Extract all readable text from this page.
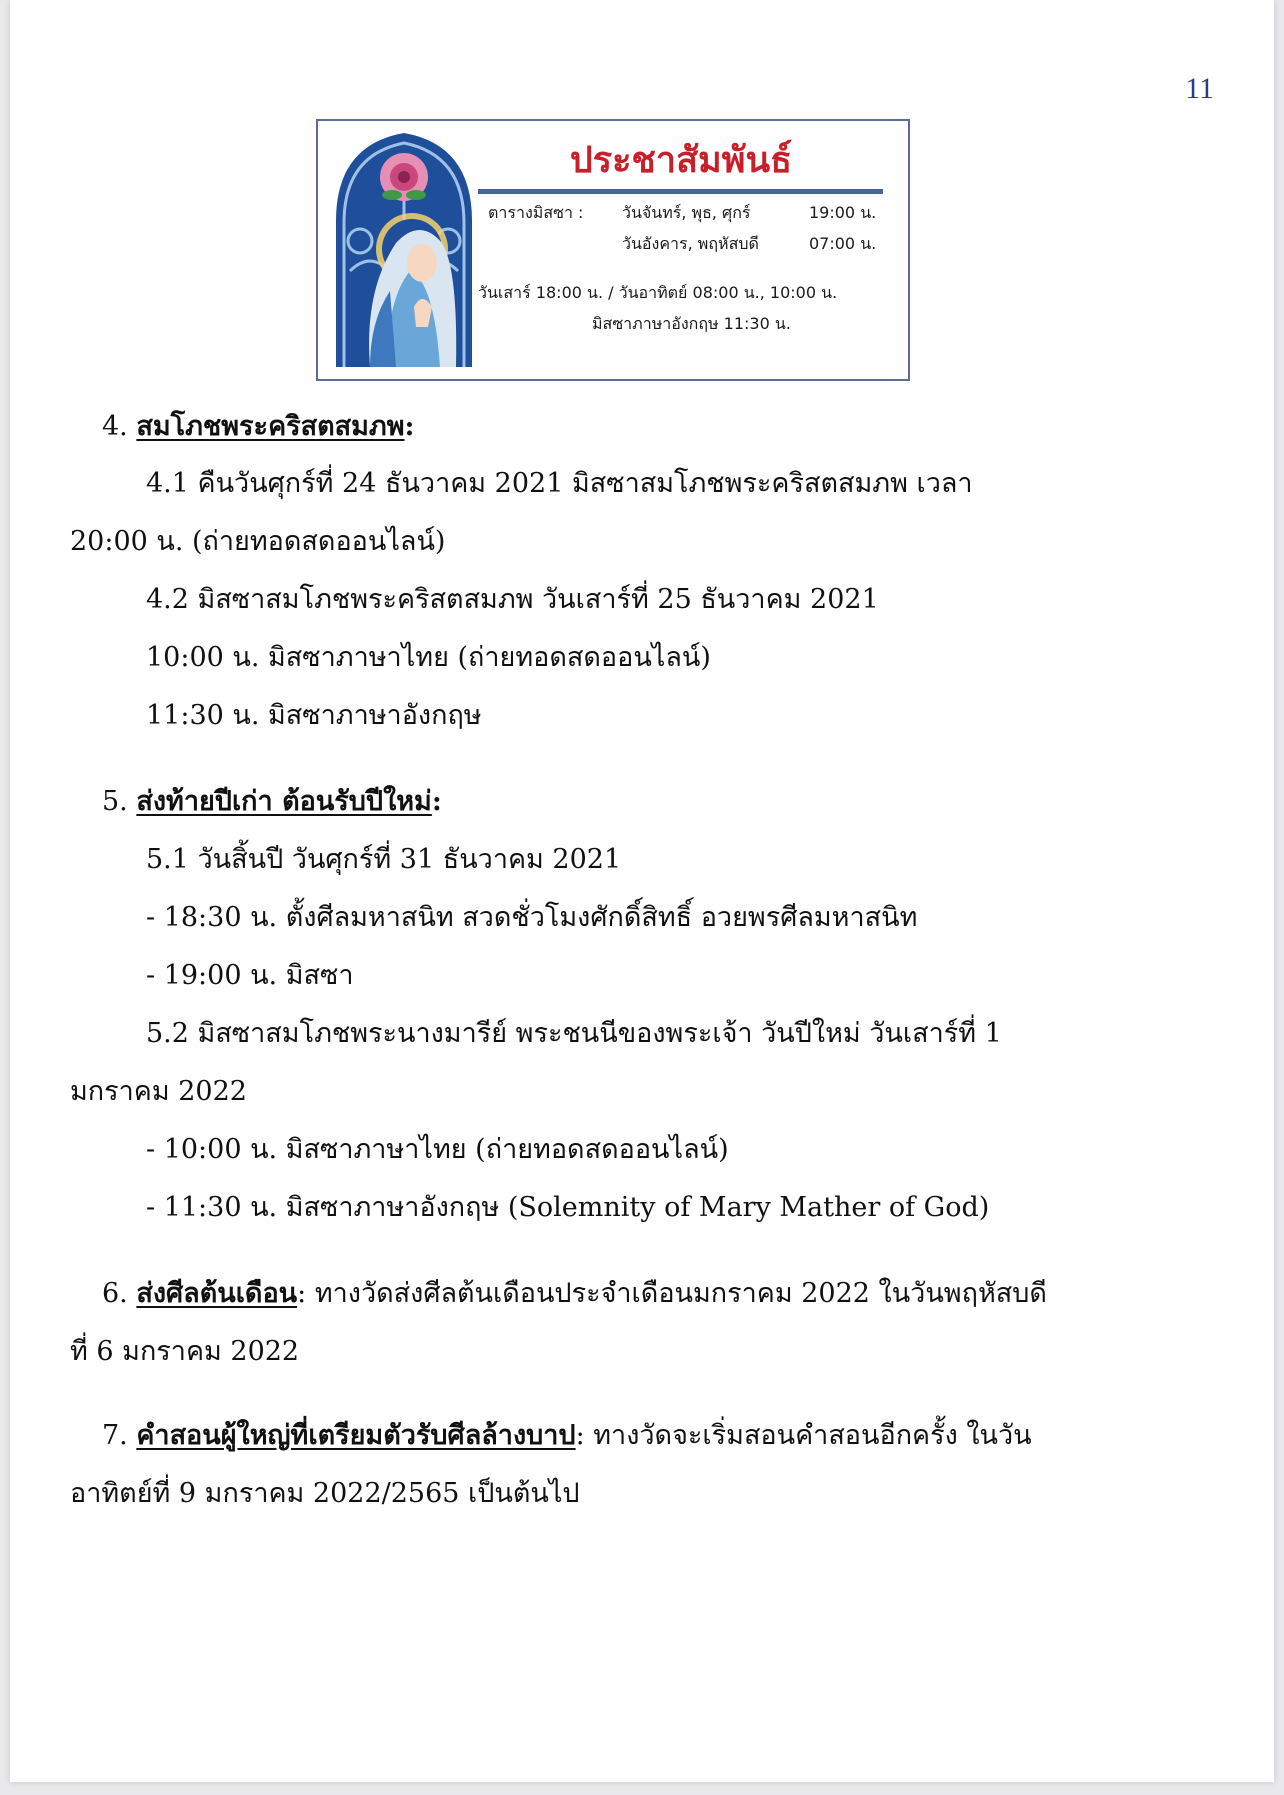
11
ประชาสัมพันธ์
ตารางมิสซา : วันจันทร์, พุธ, ศุกร์	19:00 น.
วันอังคาร, พฤหัสบดี	07:00 น.
วันเสาร์ 18:00 น. / วันอาทิตย์ 08:00 น., 10:00 น.
มิสซาภาษาอังกฤษ 11:30 น.
4. สมโภชพระคริสตสมภพ:
4.1 คืนวันศุกร์ที่ 24 ธันวาคม 2021 มิสซาสมโภชพระคริสตสมภพ เวลา
20:00 น. (ถ่ายทอดสดออนไลน์)
4.2 มิสซาสมโภชพระคริสตสมภพ วันเสาร์ที่ 25 ธันวาคม 2021
10:00 น. มิสซาภาษาไทย (ถ่ายทอดสดออนไลน์)
11:30 น. มิสซาภาษาอังกฤษ
5. ส่งท้ายปีเก่า ต้อนรับปีใหม่:
5.1 วันสิ้นปี วันศุกร์ที่ 31 ธันวาคม 2021
- 18:30 น. ตั้งศีลมหาสนิท สวดชั่วโมงศักดิ์สิทธิ์ อวยพรศีลมหาสนิท
- 19:00 น. มิสซา
5.2 มิสซาสมโภชพระนางมารีย์ พระชนนีของพระเจ้า วันปีใหม่ วันเสาร์ที่ 1
มกราคม 2022
- 10:00 น. มิสซาภาษาไทย (ถ่ายทอดสดออนไลน์)
- 11:30 น. มิสซาภาษาอังกฤษ (Solemnity of Mary Mather of God)
6. ส่งศีลต้นเดือน: ทางวัดส่งศีลต้นเดือนประจำเดือนมกราคม 2022 ในวันพฤหัสบดี
ที่ 6 มกราคม 2022
7. คำสอนผู้ใหญ่ที่เตรียมตัวรับศีลล้างบาป: ทางวัดจะเริ่มสอนคำสอนอีกครั้ง ในวัน
อาทิตย์ที่ 9 มกราคม 2022/2565 เป็นต้นไป
